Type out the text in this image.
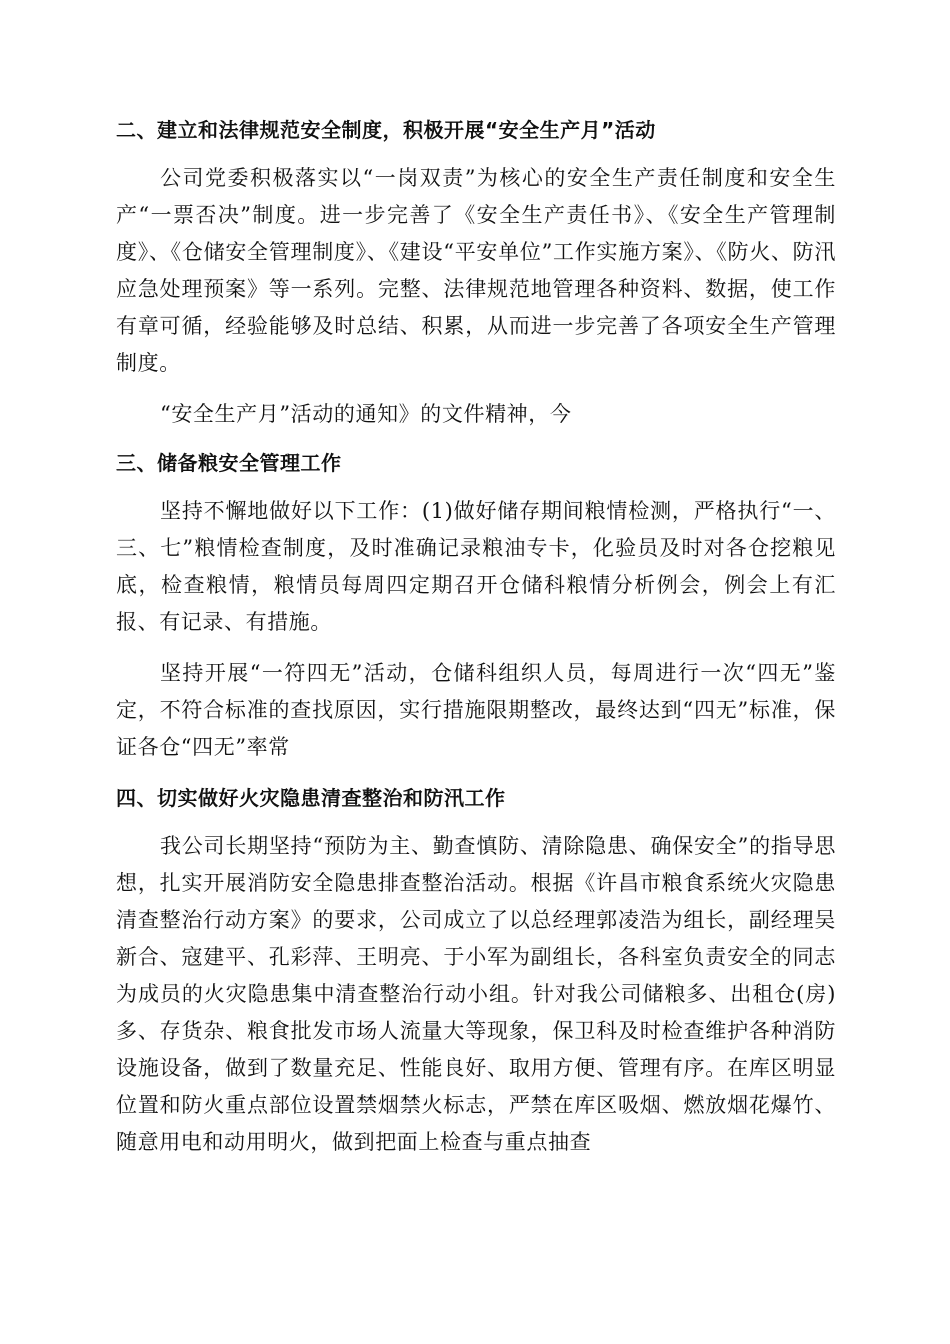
二、建立和法律规范安全制度，积极开展“安全生产月”活动

公司党委积极落实以“一岗双责”为核心的安全生产责任制度和安全生产“一票否决”制度。进一步完善了《安全生产责任书》、《安全生产管理制度》、《仓储安全管理制度》、《建设“平安单位”工作实施方案》、《防火、防汛应急处理预案》等一系列。完整、法律规范地管理各种资料、数据，使工作有章可循，经验能够及时总结、积累，从而进一步完善了各项安全生产管理制度。

“安全生产月”活动的通知》的文件精神，今

三、储备粮安全管理工作

坚持不懈地做好以下工作：(1)做好储存期间粮情检测，严格执行“一、三、七”粮情检查制度，及时准确记录粮油专卡，化验员及时对各仓挖粮见底，检查粮情，粮情员每周四定期召开仓储科粮情分析例会，例会上有汇报、有记录、有措施。

坚持开展“一符四无”活动，仓储科组织人员，每周进行一次“四无”鉴定，不符合标准的查找原因，实行措施限期整改，最终达到“四无”标准，保证各仓“四无”率常

四、切实做好火灾隐患清查整治和防汛工作

我公司长期坚持“预防为主、勤查慎防、清除隐患、确保安全”的指导思想，扎实开展消防安全隐患排查整治活动。根据《许昌市粮食系统火灾隐患清查整治行动方案》的要求，公司成立了以总经理郭凌浩为组长，副经理吴新合、寇建平、孔彩萍、王明亮、于小军为副组长，各科室负责安全的同志为成员的火灾隐患集中清查整治行动小组。针对我公司储粮多、出租仓(房)多、存货杂、粮食批发市场人流量大等现象，保卫科及时检查维护各种消防设施设备，做到了数量充足、性能良好、取用方便、管理有序。在库区明显位置和防火重点部位设置禁烟禁火标志，严禁在库区吸烟、燃放烟花爆竹、随意用电和动用明火，做到把面上检查与重点抽查
